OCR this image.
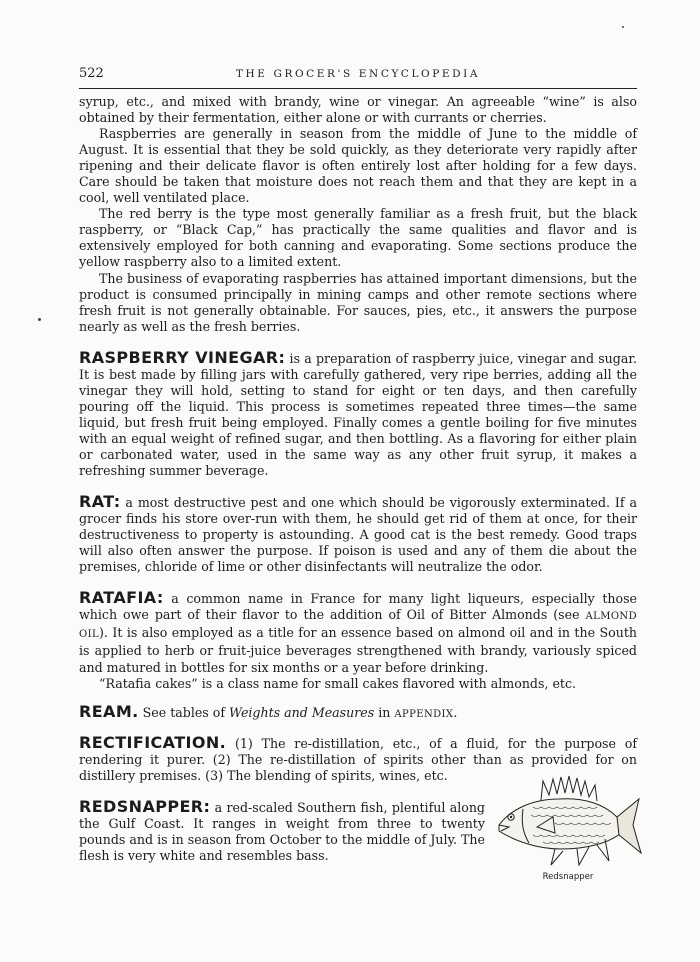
522	THE GROCER'S ENCYCLOPEDIA

syrup, etc., and mixed with brandy, wine or vinegar. An agreeable “wine” is also obtained by their fermentation, either alone or with currants or cherries.

Raspberries are generally in season from the middle of June to the middle of August. It is essential that they be sold quickly, as they deteriorate very rapidly after ripening and their delicate flavor is often entirely lost after holding for a few days. Care should be taken that moisture does not reach them and that they are kept in a cool, well ventilated place.

The red berry is the type most generally familiar as a fresh fruit, but the black raspberry, or “Black Cap,” has practically the same qualities and flavor and is extensively employed for both canning and evaporating. Some sections produce the yellow raspberry also to a limited extent.

The business of evaporating raspberries has attained important dimensions, but the product is consumed principally in mining camps and other remote sections where fresh fruit is not generally obtainable. For sauces, pies, etc., it answers the purpose nearly as well as the fresh berries.

RASPBERRY VINEGAR: is a preparation of raspberry juice, vinegar and sugar. It is best made by filling jars with carefully gathered, very ripe berries, adding all the vinegar they will hold, setting to stand for eight or ten days, and then carefully pouring off the liquid. This process is sometimes repeated three times—the same liquid, but fresh fruit being employed. Finally comes a gentle boiling for five minutes with an equal weight of refined sugar, and then bottling. As a flavoring for either plain or carbonated water, used in the same way as any other fruit syrup, it makes a refreshing summer beverage.

RAT: a most destructive pest and one which should be vigorously exterminated. If a grocer finds his store over-run with them, he should get rid of them at once, for their destructiveness to property is astounding. A good cat is the best remedy. Good traps will also often answer the purpose. If poison is used and any of them die about the premises, chloride of lime or other disinfectants will neutralize the odor.

RATAFIA: a common name in France for many light liqueurs, especially those which owe part of their flavor to the addition of Oil of Bitter Almonds (see ALMOND OIL). It is also employed as a title for an essence based on almond oil and in the South is applied to herb or fruit-juice beverages strengthened with brandy, variously spiced and matured in bottles for six months or a year before drinking.

“Ratafia cakes” is a class name for small cakes flavored with almonds, etc.

REAM. See tables of Weights and Measures in APPENDIX.

RECTIFICATION. (1) The re-distillation, etc., of a fluid, for the purpose of rendering it purer. (2) The re-distillation of spirits other than as provided for on distillery premises. (3) The blending of spirits, wines, etc.

Redsnapper
REDSNAPPER: a red-scaled Southern fish, plentiful along the Gulf Coast. It ranges in weight from three to twenty pounds and is in season from October to the middle of July. The flesh is very white and resembles bass.
